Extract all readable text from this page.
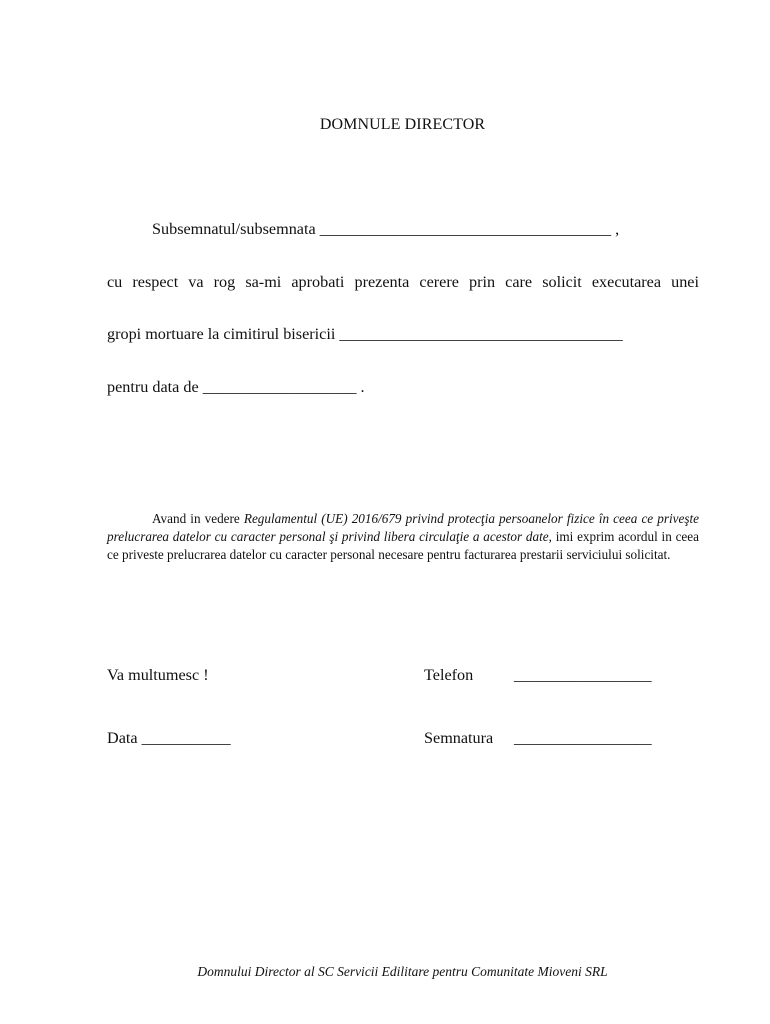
DOMNULE DIRECTOR
Subsemnatul/subsemnata ____________________________________ ,
cu respect va rog sa-mi aprobati prezenta cerere prin care solicit executarea unei
gropi mortuare la cimitirul bisericii ___________________________________
pentru data de ___________________ .
Avand in vedere Regulamentul (UE) 2016/679 privind protecţia persoanelor fizice în ceea ce priveşte prelucrarea datelor cu caracter personal şi privind libera circulaţie a acestor date, imi exprim acordul in ceea ce priveste prelucrarea datelor cu caracter personal necesare pentru facturarea prestarii serviciului solicitat.
Va multumesc !	Telefon	_________________
Data ___________	Semnatura _________________
Domnului Director al SC Servicii Edilitare pentru Comunitate Mioveni SRL
